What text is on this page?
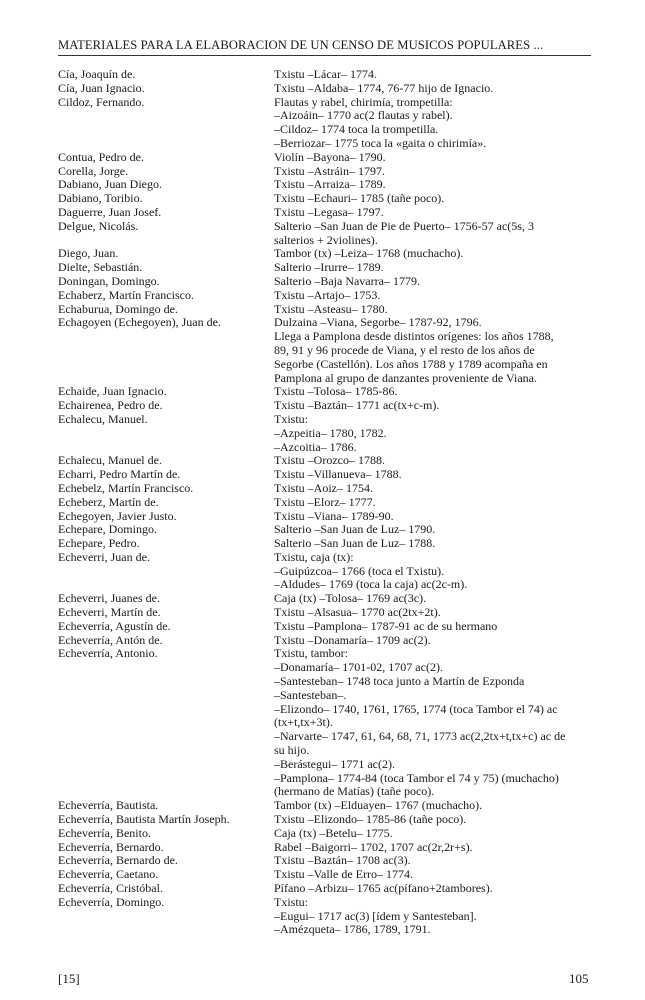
MATERIALES PARA LA ELABORACION DE UN CENSO DE MUSICOS POPULARES ...
Cía, Joaquín de.	Txistu –Lácar– 1774.
Cía, Juan Ignacio.	Txistu –Aldaba– 1774, 76-77 hijo de Ignacio.
Cildoz, Fernando.	Flautas y rabel, chirimía, trompetilla:
–Aizoáin– 1770 ac(2 flautas y rabel).
–Cildoz– 1774 toca la trompetilla.
–Berriozar– 1775 toca la «gaita o chirimía».
Contua, Pedro de.	Violín –Bayona– 1790.
Corella, Jorge.	Txistu –Astráin– 1797.
Dabiano, Juan Diego.	Txistu –Arraiza– 1789.
Dabiano, Toribio.	Txistu –Echauri– 1785 (tañe poco).
Daguerre, Juan Josef.	Txistu –Legasa– 1797.
Delgue, Nicolás.	Salterio –San Juan de Pie de Puerto– 1756-57 ac(5s, 3
salterios + 2violines).
Diego, Juan.	Tambor (tx) –Leiza– 1768 (muchacho).
Dielte, Sebastián.	Salterio –Irurre– 1789.
Doningan, Domingo.	Salterio –Baja Navarra– 1779.
Echaberz, Martín Francisco.	Txistu –Artajo– 1753.
Echaburua, Domingo de.	Txistu –Asteasu– 1780.
Echagoyen (Echegoyen), Juan de.	Dulzaina –Viana, Segorbe– 1787-92, 1796.
Llega a Pamplona desde distintos orígenes: los años 1788,
89, 91 y 96 procede de Viana, y el resto de los años de
Segorbe (Castellón). Los años 1788 y 1789 acompaña en
Pamplona al grupo de danzantes proveniente de Viana.
Echaide, Juan Ignacio.	Txistu –Tolosa– 1785-86.
Echairenea, Pedro de.	Txistu –Baztán– 1771 ac(tx+c-m).
Echalecu, Manuel.	Txistu:
–Azpeitia– 1780, 1782.
–Azcoitia– 1786.
Echalecu, Manuel de.	Txistu –Orozco– 1788.
Echarri, Pedro Martín de.	Txistu –Villanueva– 1788.
Echebelz, Martín Francisco.	Txistu –Aoiz– 1754.
Echeberz, Martín de.	Txistu –Elorz– 1777.
Echegoyen, Javier Justo.	Txistu –Viana– 1789-90.
Echepare, Domingo.	Salterio –San Juan de Luz– 1790.
Echepare, Pedro.	Salterio –San Juan de Luz– 1788.
Echeverri, Juan de.	Txistu, caja (tx):
–Guipúzcoa– 1766 (toca el Txistu).
–Aldudes– 1769 (toca la caja) ac(2c-m).
Echeverri, Juanes de.	Caja (tx) –Tolosa– 1769 ac(3c).
Echeverri, Martín de.	Txistu –Alsasua– 1770 ac(2tx+2t).
Echeverría, Agustín de.	Txistu –Pamplona– 1787-91 ac de su hermano
Echeverría, Antón de.	Txistu –Donamaría– 1709 ac(2).
Echeverría, Antonio.	Txistu, tambor:
–Donamaría– 1701-02, 1707 ac(2).
–Santesteban– 1748 toca junto a Martín de Ezponda
–Santesteban–.
–Elizondo– 1740, 1761, 1765, 1774 (toca Tambor el 74) ac
(tx+t,tx+3t).
–Narvarte– 1747, 61, 64, 68, 71, 1773 ac(2,2tx+t,tx+c) ac de
su hijo.
–Berástegui– 1771 ac(2).
–Pamplona– 1774-84 (toca Tambor el 74 y 75) (muchacho)
(hermano de Matías) (tañe poco).
Echeverría, Bautista.	Tambor (tx) –Elduayen– 1767 (muchacho).
Echeverría, Bautista Martín Joseph.	Txistu –Elizondo– 1785-86 (tañe poco).
Echeverría, Benito.	Caja (tx) –Betelu– 1775.
Echeverría, Bernardo.	Rabel –Baigorri– 1702, 1707 ac(2r,2r+s).
Echeverría, Bernardo de.	Txistu –Baztán– 1708 ac(3).
Echeverría, Caetano.	Txistu –Valle de Erro– 1774.
Echeverría, Cristóbal.	Pífano –Arbizu– 1765 ac(pífano+2tambores).
Echeverría, Domingo.	Txistu:
–Eugui– 1717 ac(3) [ídem y Santesteban].
–Amézqueta– 1786, 1789, 1791.
[15]	105
